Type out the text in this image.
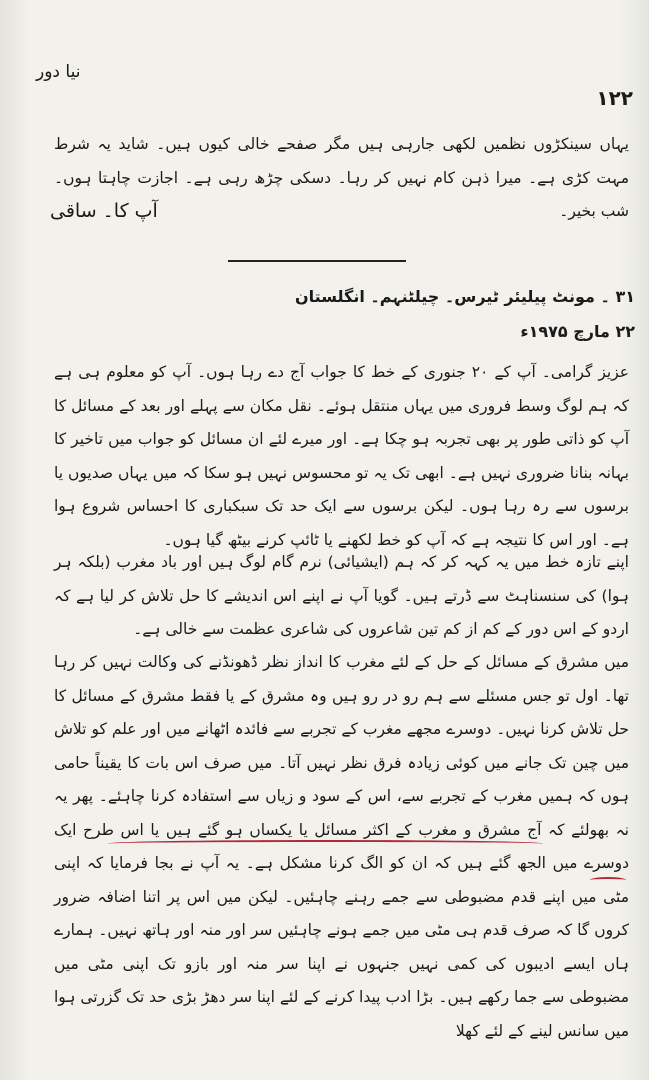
نیا دور
۱۲۲
یہاں سینکڑوں نظمیں لکھی جارہی ہیں مگر صفحے خالی کیوں ہیں۔ شاید یہ شرط مہت کڑی ہے۔ میرا ذہن کام نہیں کر رہا۔ دسکی چڑھ رہی ہے۔ اجازت چاہتا ہوں۔ شب بخیر۔
آپ کا۔ ساقی
۳۱ ۔ مونٹ پیلیئر ٹیرس۔ چیلٹنہم۔ انگلستان
۲۲ مارچ ۱۹۷۵ء
عزیز گرامی۔ آپ کے ۲۰ جنوری کے خط کا جواب آج دے رہا ہوں۔ آپ کو معلوم ہی ہے کہ ہم لوگ وسط فروری میں یہاں منتقل ہوئے۔ نقل مکان سے پہلے اور بعد کے مسائل کا آپ کو ذاتی طور پر بھی تجربہ ہو چکا ہے۔ اور میرے لئے ان مسائل کو جواب میں تاخیر کا بہانہ بنانا ضروری نہیں ہے۔ ابھی تک یہ تو محسوس نہیں ہو سکا کہ میں یہاں صدیوں یا برسوں سے رہ رہا ہوں۔ لیکن برسوں سے ایک حد تک سبکباری کا احساس شروع ہوا ہے۔ اور اس کا نتیجہ ہے کہ آپ کو خط لکھنے یا ٹائپ کرنے بیٹھ گیا ہوں۔
اپنے تازہ خط میں یہ کہہ کر کہ ہم (ایشیائی) نرم گام لوگ ہیں اور باد مغرب (بلکہ ہر ہوا) کی سنسناہٹ سے ڈرتے ہیں۔ گویا آپ نے اپنے اس اندیشے کا حل تلاش کر لیا ہے کہ اردو کے اس دور کے کم از کم تین شاعروں کی شاعری عظمت سے خالی ہے۔
میں مشرق کے مسائل کے حل کے لئے مغرب کا انداز نظر ڈھونڈنے کی وکالت نہیں کر رہا تھا۔ اول تو جس مسئلے سے ہم رو در رو ہیں وہ مشرق کے یا فقط مشرق کے مسائل کا حل تلاش کرنا نہیں۔ دوسرے مجھے مغرب کے تجربے سے فائدہ اٹھانے میں اور علم کو تلاش میں چین تک جانے میں کوئی زیادہ فرق نظر نہیں آتا۔ میں صرف اس بات کا یقیناً حامی ہوں کہ ہمیں مغرب کے تجربے سے، اس کے سود و زیاں سے استفادہ کرنا چاہئے۔ پھر یہ نہ بھولئے کہ آج مشرق و مغرب کے اکثر مسائل یا یکساں ہو گئے ہیں یا اس طرح ایک دوسرے میں الجھ گئے ہیں کہ ان کو الگ کرنا مشکل ہے۔ یہ آپ نے بجا فرمایا کہ اپنی مٹی میں اپنے قدم مضبوطی سے جمے رہنے چاہئیں۔ لیکن میں اس پر اتنا اضافہ ضرور کروں گا کہ صرف قدم ہی مٹی میں جمے ہونے چاہئیں سر اور منہ اور ہاتھ نہیں۔ ہمارے ہاں ایسے ادیبوں کی کمی نہیں جنہوں نے اپنا سر منہ اور بازو تک اپنی مٹی میں مضبوطی سے جما رکھے ہیں۔ بڑا ادب پیدا کرنے کے لئے اپنا سر دھڑ بڑی حد تک گزرتی ہوا میں سانس لینے کے لئے کھلا
